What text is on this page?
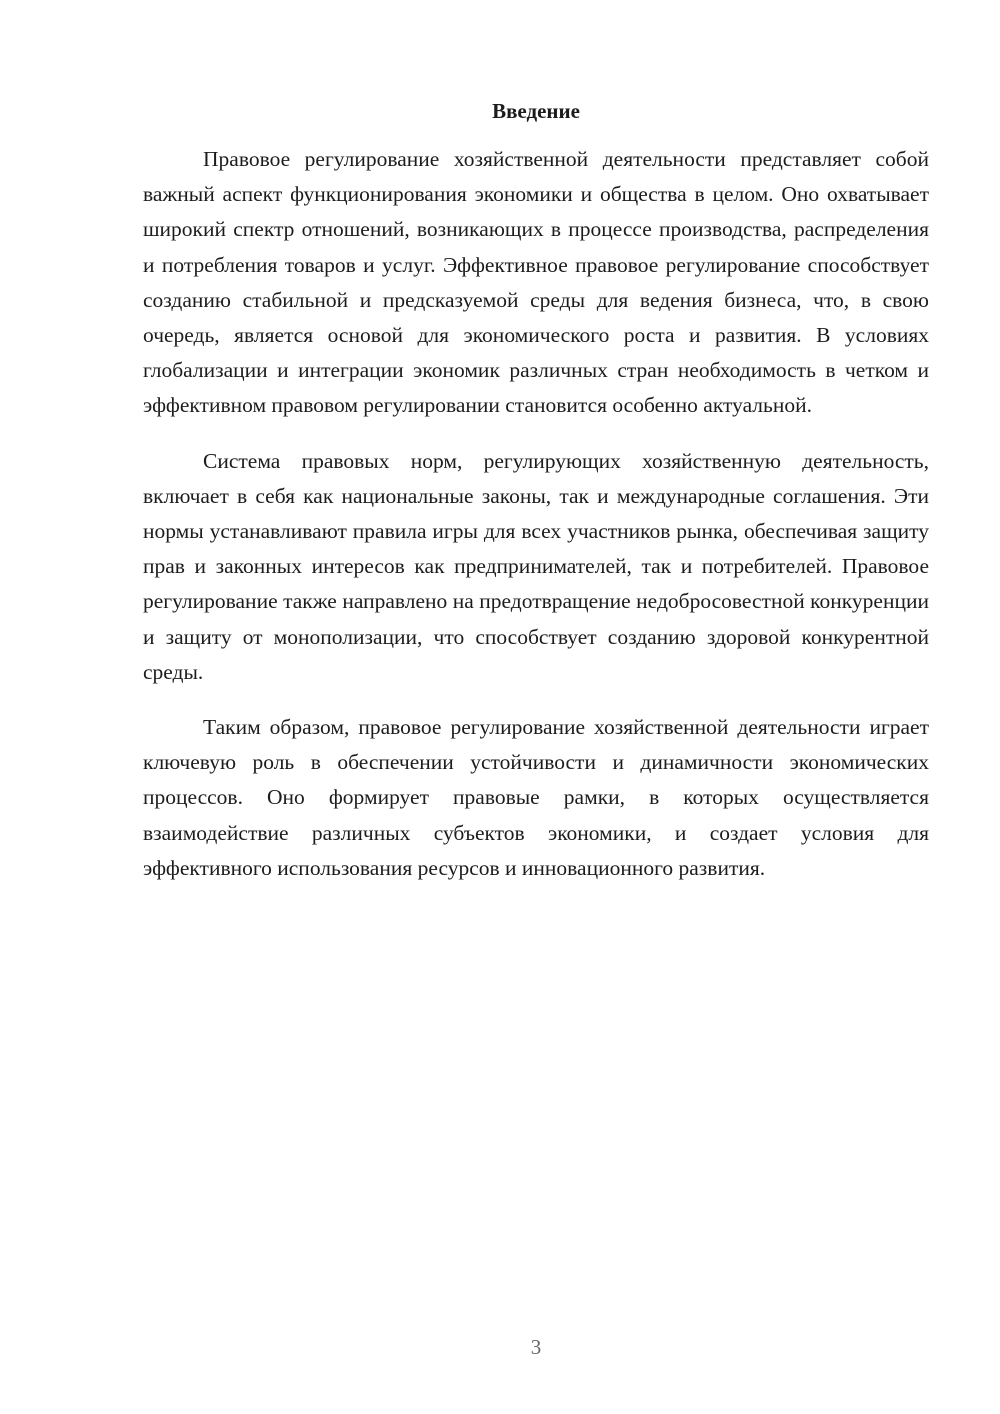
Введение

Правовое регулирование хозяйственной деятельности представляет собой важный аспект функционирования экономики и общества в целом. Оно охватывает широкий спектр отношений, возникающих в процессе производства, распределения и потребления товаров и услуг. Эффективное правовое регулирование способствует созданию стабильной и предсказуемой среды для ведения бизнеса, что, в свою очередь, является основой для экономического роста и развития. В условиях глобализации и интеграции экономик различных стран необходимость в четком и эффективном правовом регулировании становится особенно актуальной.

Система правовых норм, регулирующих хозяйственную деятельность, включает в себя как национальные законы, так и международные соглашения. Эти нормы устанавливают правила игры для всех участников рынка, обеспечивая защиту прав и законных интересов как предпринимателей, так и потребителей. Правовое регулирование также направлено на предотвращение недобросовестной конкуренции и защиту от монополизации, что способствует созданию здоровой конкурентной среды.

Таким образом, правовое регулирование хозяйственной деятельности играет ключевую роль в обеспечении устойчивости и динамичности экономических процессов. Оно формирует правовые рамки, в которых осуществляется взаимодействие различных субъектов экономики, и создает условия для эффективного использования ресурсов и инновационного развития.

3
